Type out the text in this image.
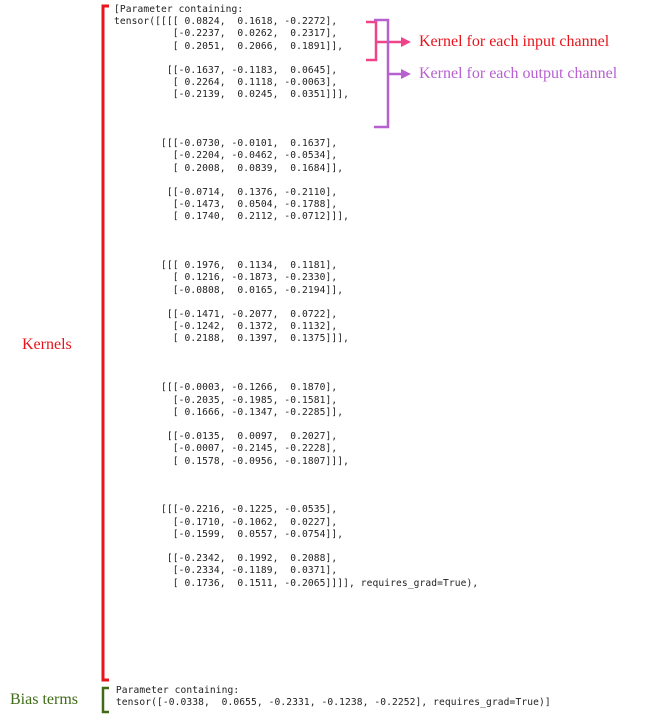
[Parameter containing:
tensor([[[[ 0.0824,  0.1618, -0.2272],
[-0.2237,  0.0262,  0.2317],
[ 0.2051,  0.2066,  0.1891]],

[[-0.1637, -0.1183,  0.0645],
[ 0.2264,  0.1118, -0.0063],
[-0.2139,  0.0245,  0.0351]]],

[[[-0.0730, -0.0101,  0.1637],
[-0.2204, -0.0462, -0.0534],
[ 0.2008,  0.0839,  0.1684]],

[[-0.0714,  0.1376, -0.2110],
[-0.1473,  0.0504, -0.1788],
[ 0.1740,  0.2112, -0.0712]]],

[[[ 0.1976,  0.1134,  0.1181],
[ 0.1216, -0.1873, -0.2330],
[-0.0808,  0.0165, -0.2194]],

[[-0.1471, -0.2077,  0.0722],
[-0.1242,  0.1372,  0.1132],
[ 0.2188,  0.1397,  0.1375]]],

[[[-0.0003, -0.1266,  0.1870],
[-0.2035, -0.1985, -0.1581],
[ 0.1666, -0.1347, -0.2285]],

[[-0.0135,  0.0097,  0.2027],
[-0.0007, -0.2145, -0.2228],
[ 0.1578, -0.0956, -0.1807]]],

[[[-0.2216, -0.1225, -0.0535],
[-0.1710, -0.1062,  0.0227],
[-0.1599,  0.0557, -0.0754]],

[[-0.2342,  0.1992,  0.2088],
[-0.2334, -0.1189,  0.0371],
[ 0.1736,  0.1511, -0.2065]]]], requires_grad=True),
Parameter containing:
tensor([-0.0338,  0.0655, -0.2331, -0.1238, -0.2252], requires_grad=True)]
Kernel for each input channel
Kernel for each output channel
Kernels
Bias terms
